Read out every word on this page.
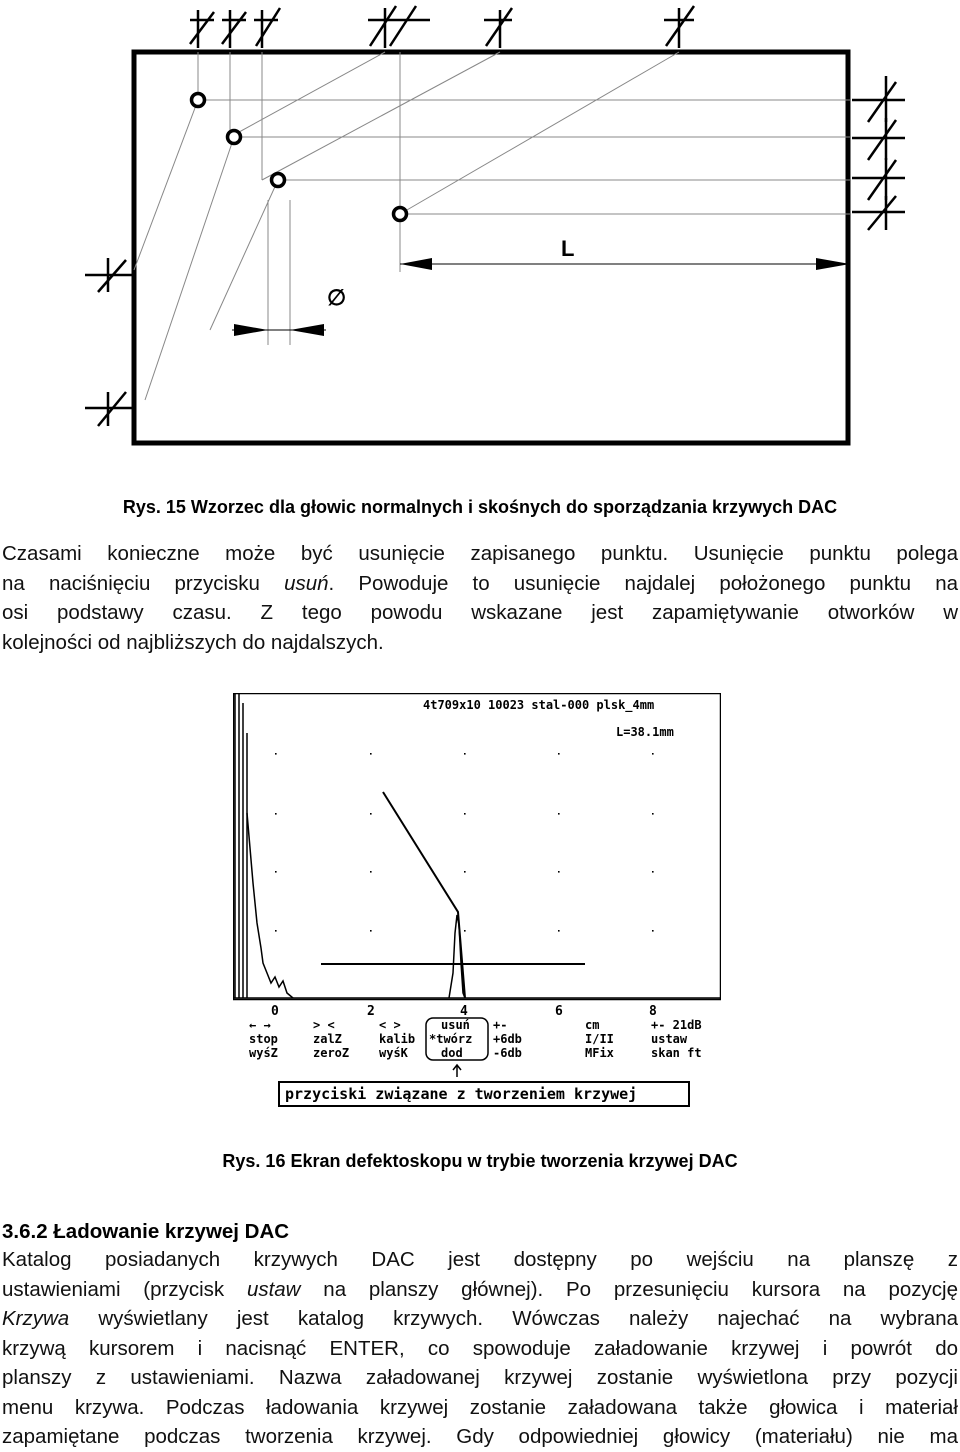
L
∅
Rys. 15 Wzorzec dla głowic normalnych i skośnych do sporządzania krzywych DAC
Czasami konieczne może być usunięcie zapisanego punktu. Usunięcie punktu polega
na naciśnięciu przycisku usuń. Powoduje to usunięcie najdalej położonego punktu na
osi podstawy czasu. Z tego powodu wskazane jest zapamiętywanie otworków w
kolejności od najbliższych do najdalszych.
4t709x10 10023 stal-000 plsk_4mm
L=38.1mm
0	2	4	6	8
← →
stop
wyśZ
> <
zalZ
zeroZ
< >
kalib
wyśK
usuń
*twórz
dod
+-
+6db
-6db
cm
I/II
MFix
+- 21dB
ustaw
skan ft
przyciski związane z tworzeniem krzywej
Rys. 16 Ekran defektoskopu w trybie tworzenia krzywej DAC
3.6.2 Ładowanie krzywej DAC
Katalog posiadanych krzywych DAC jest dostępny po wejściu na planszę z
ustawieniami (przycisk ustaw na planszy głównej). Po przesunięciu kursora na pozycję
Krzywa wyświetlany jest katalog krzywych. Wówczas należy najechać na wybrana
krzywą kursorem i nacisnąć ENTER, co spowoduje załadowanie krzywej i powrót do
planszy z ustawieniami. Nazwa załadowanej krzywej zostanie wyświetlona przy pozycji
menu krzywa. Podczas ładowania krzywej zostanie załadowana także głowica i materiał
zapamiętane podczas tworzenia krzywej. Gdy odpowiedniej głowicy (materiału) nie ma
